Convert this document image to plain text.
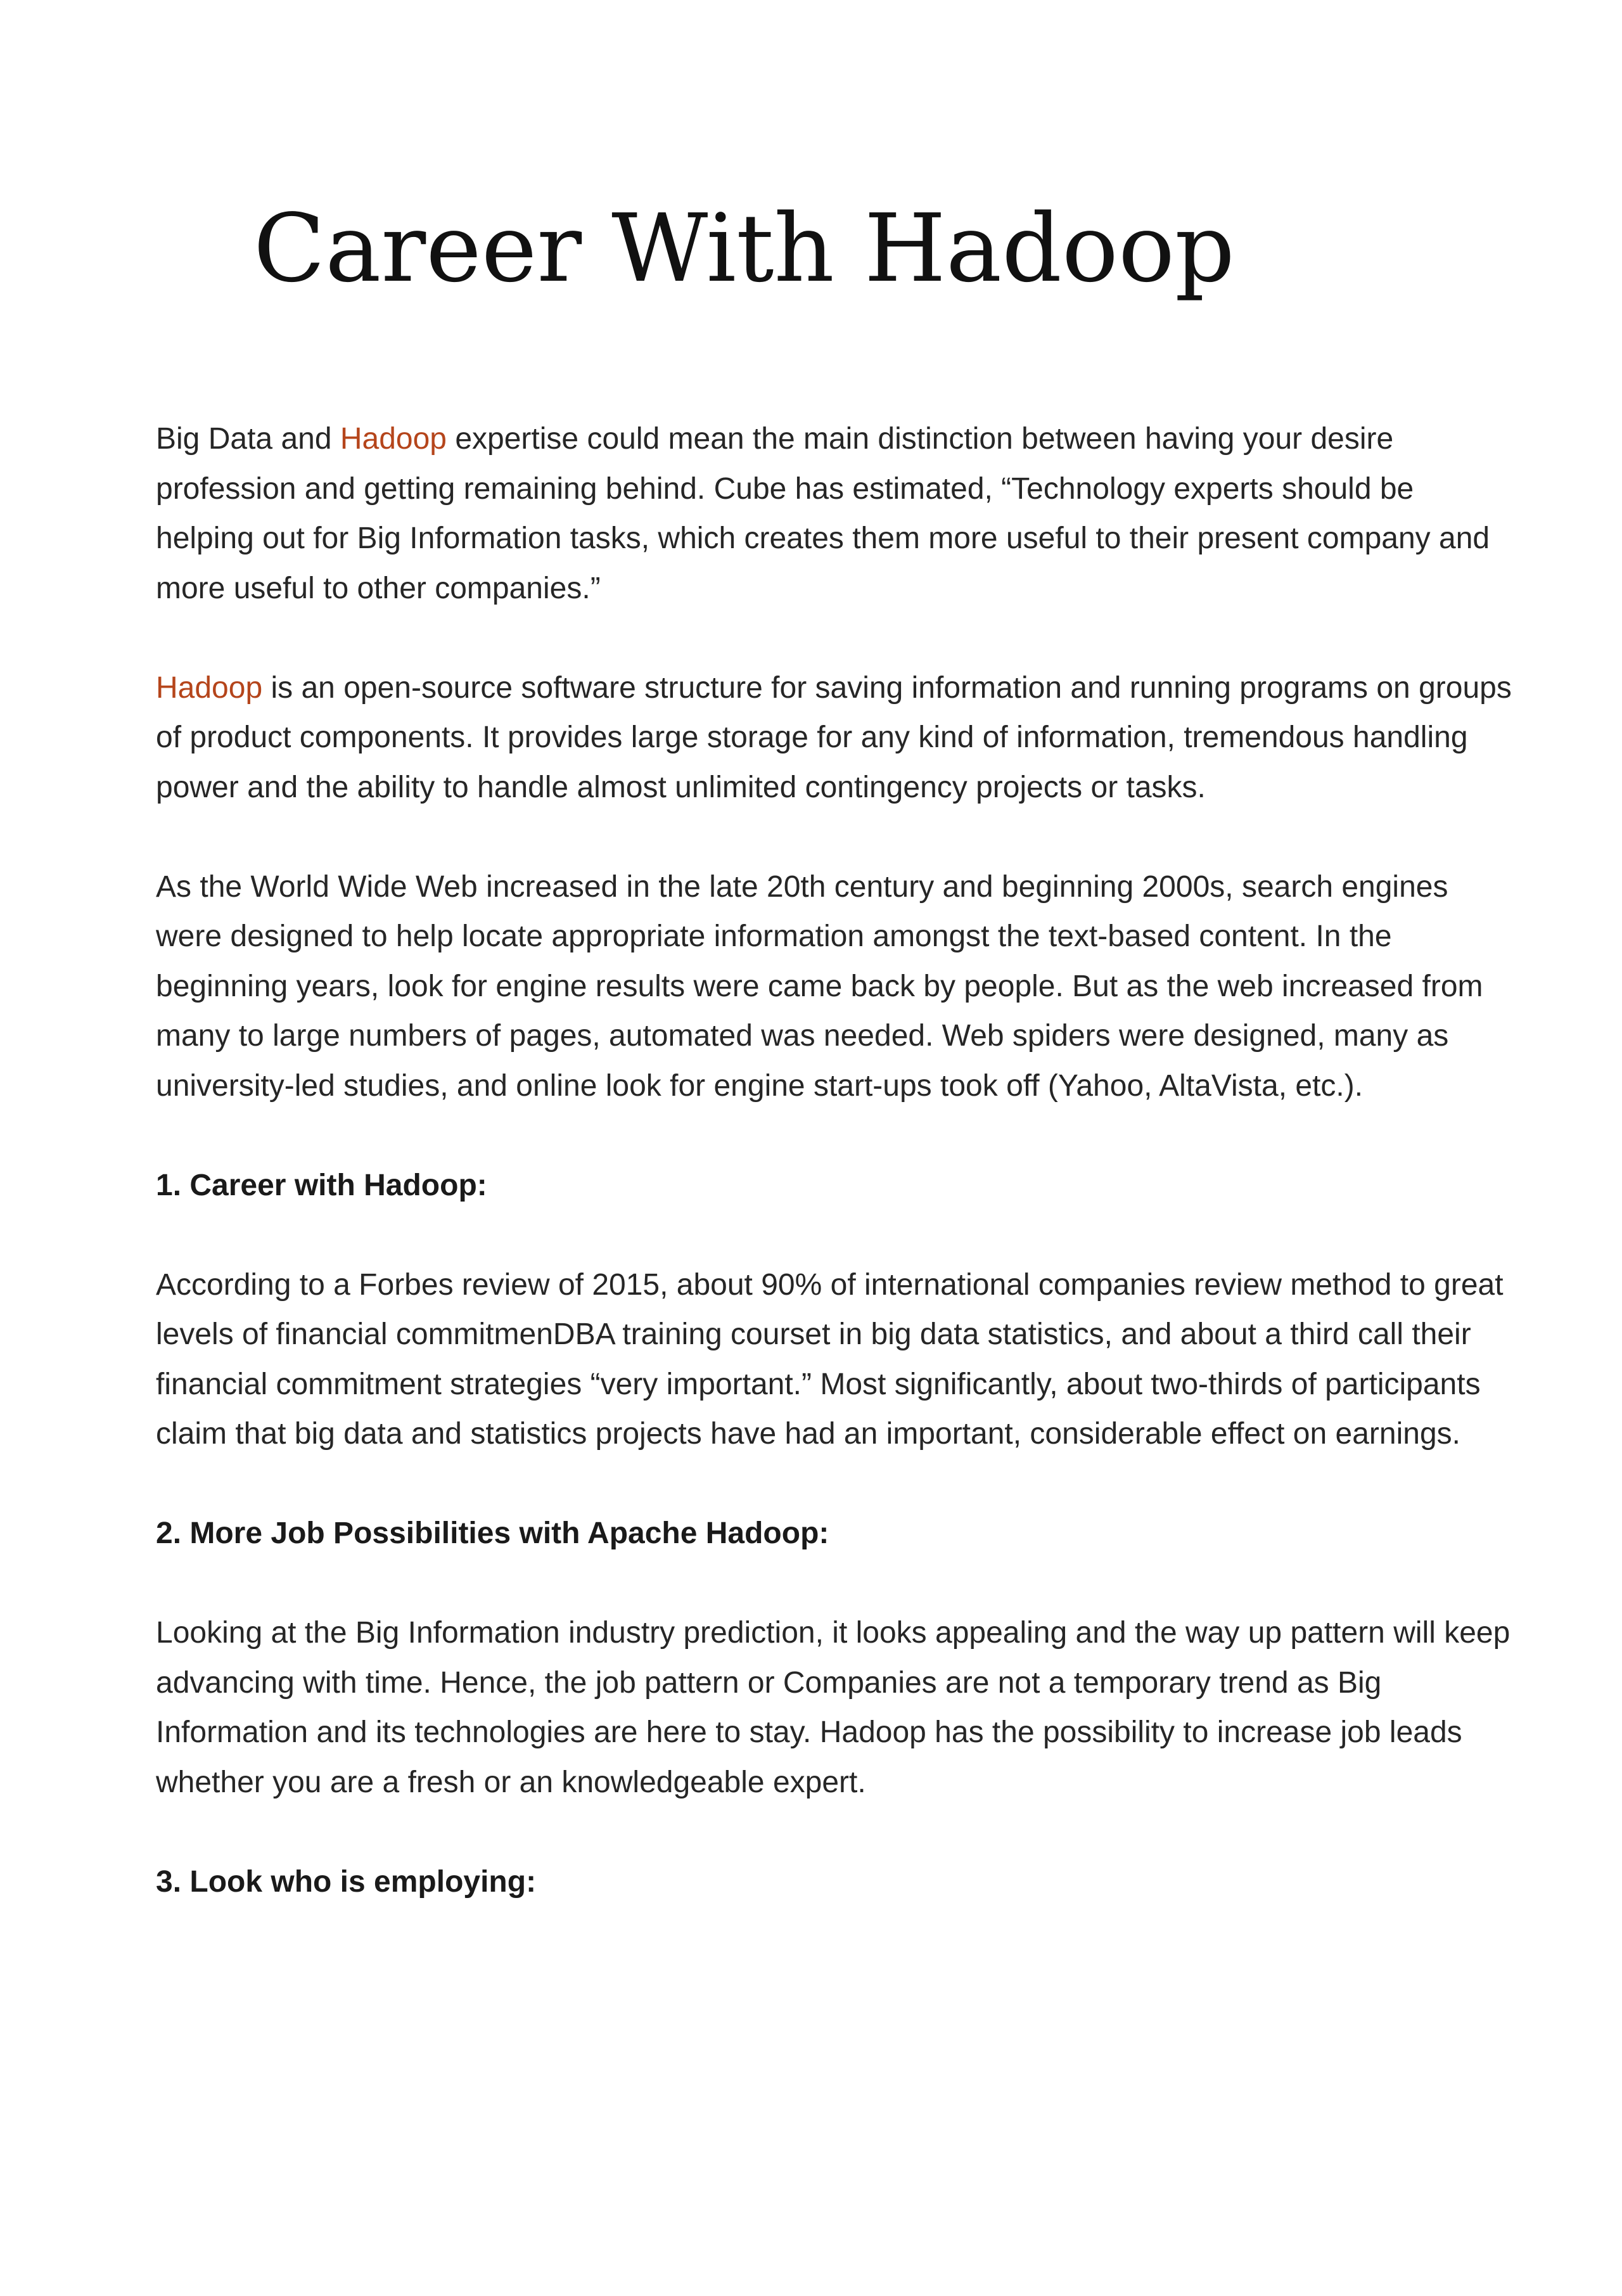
Career With Hadoop

Big Data and Hadoop expertise could mean the main distinction between having your desire profession and getting remaining behind. Cube has estimated, “Technology experts should be helping out for Big Information tasks, which creates them more useful to their present company and more useful to other companies.”

Hadoop is an open-source software structure for saving information and running programs on groups of product components. It provides large storage for any kind of information, tremendous handling power and the ability to handle almost unlimited contingency projects or tasks.

As the World Wide Web increased in the late 20th century and beginning 2000s, search engines were designed to help locate appropriate information amongst the text-based content. In the beginning years, look for engine results were came back by people. But as the web increased from many to large numbers of pages, automated was needed. Web spiders were designed, many as university-led studies, and online look for engine start-ups took off (Yahoo, AltaVista, etc.).

1. Career with Hadoop:

According to a Forbes review of 2015, about 90% of international companies review method to great levels of financial commitmenDBA training courset in big data statistics, and about a third call their financial commitment strategies “very important.” Most significantly, about two-thirds of participants claim that big data and statistics projects have had an important, considerable effect on earnings.

2. More Job Possibilities with Apache Hadoop:

Looking at the Big Information industry prediction, it looks appealing and the way up pattern will keep advancing with time. Hence, the job pattern or Companies are not a temporary trend as Big Information and its technologies are here to stay. Hadoop has the possibility to increase job leads whether you are a fresh or an knowledgeable expert.

3. Look who is employing:
